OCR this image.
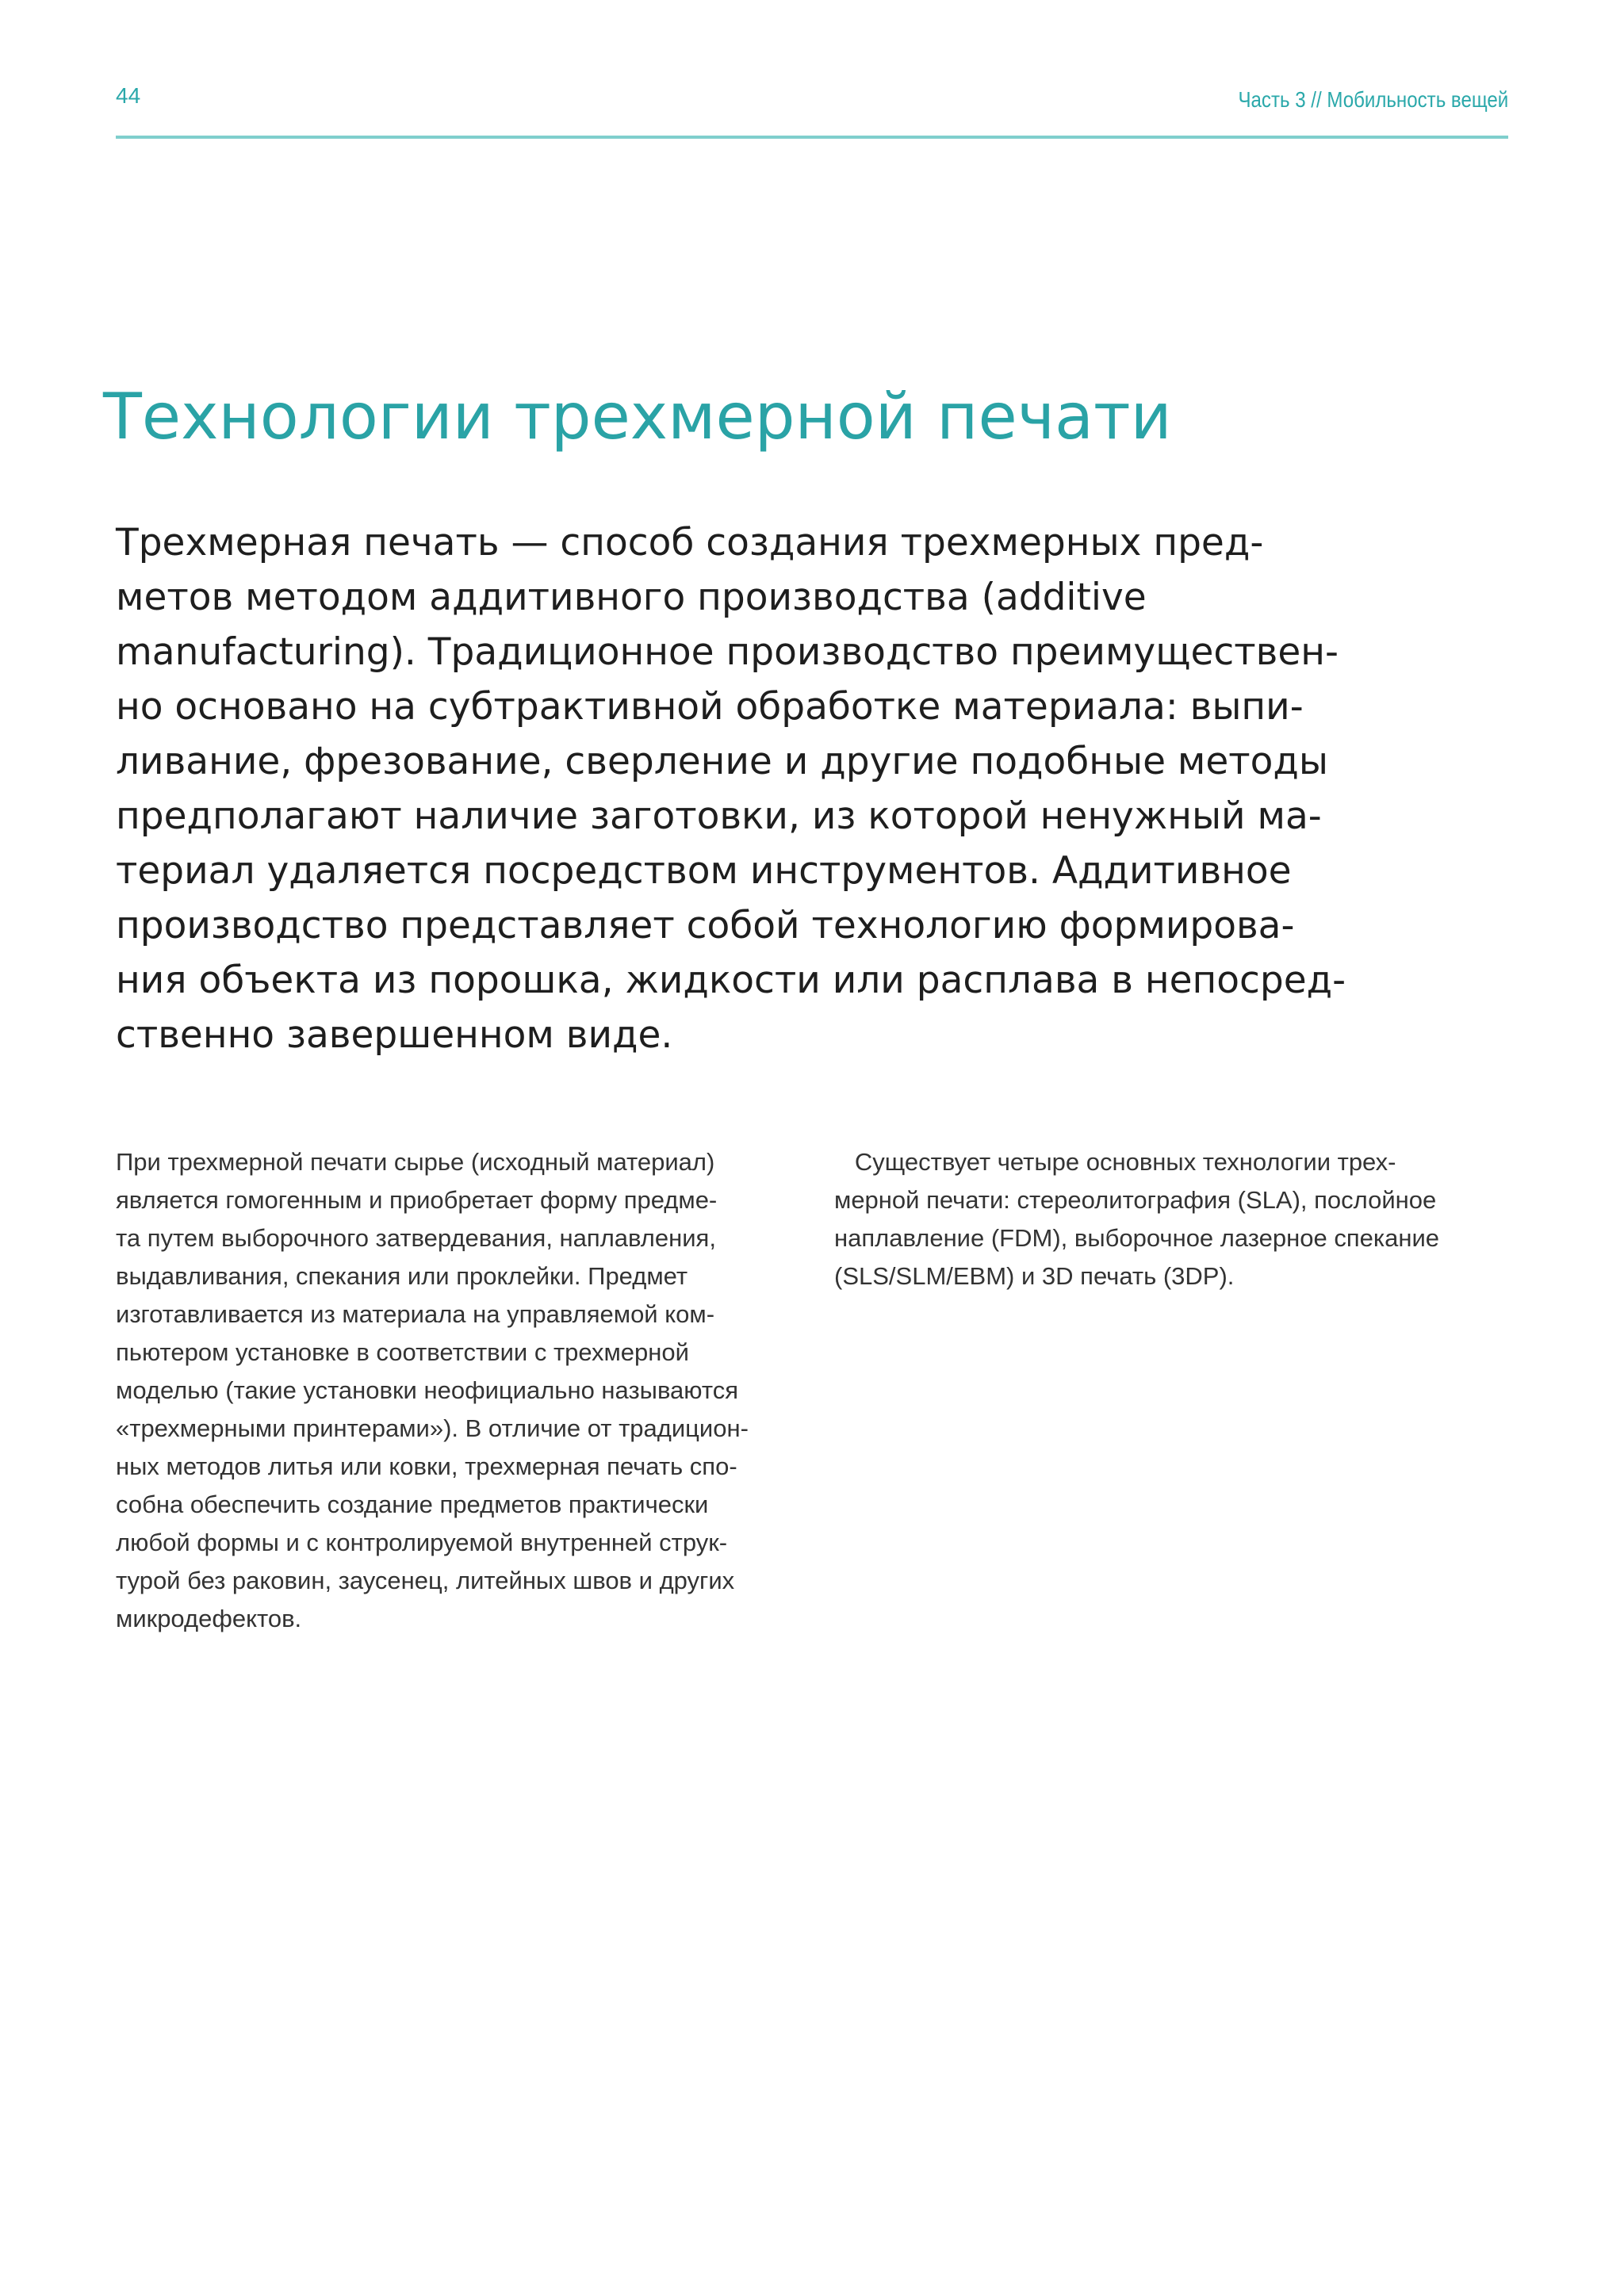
44	Часть 3 // Мобильность вещей
Технологии трехмерной печати

Трехмерная печать — способ создания трехмерных пред-
метов методом аддитивного производства (additive
manufacturing). Традиционное производство преимуществен-
но основано на субтрактивной обработке материала: выпи-
ливание, фрезование, сверление и другие подобные методы
предполагают наличие заготовки, из которой ненужный ма-
териал удаляется посредством инструментов. Аддитивное
производство представляет собой технологию формирова-
ния объекта из порошка, жидкости или расплава в непосред-
ственно завершенном виде.

При трехмерной печати сырье (исходный материал)
является гомогенным и приобретает форму предме-
та путем выборочного затвердевания, наплавления,
выдавливания, спекания или проклейки. Предмет
изготавливается из материала на управляемой ком-
пьютером установке в соответствии с трехмерной
моделью (такие установки неофициально называются
«трехмерными принтерами»). В отличие от традицион-
ных методов литья или ковки, трехмерная печать спо-
собна обеспечить создание предметов практически
любой формы и с контролируемой внутренней струк-
турой без раковин, заусенец, литейных швов и других
микродефектов.

Существует четыре основных технологии трех-
мерной печати: стереолитография (SLA), послойное
наплавление (FDM), выборочное лазерное спекание
(SLS/SLM/EBM) и 3D печать (3DP).
